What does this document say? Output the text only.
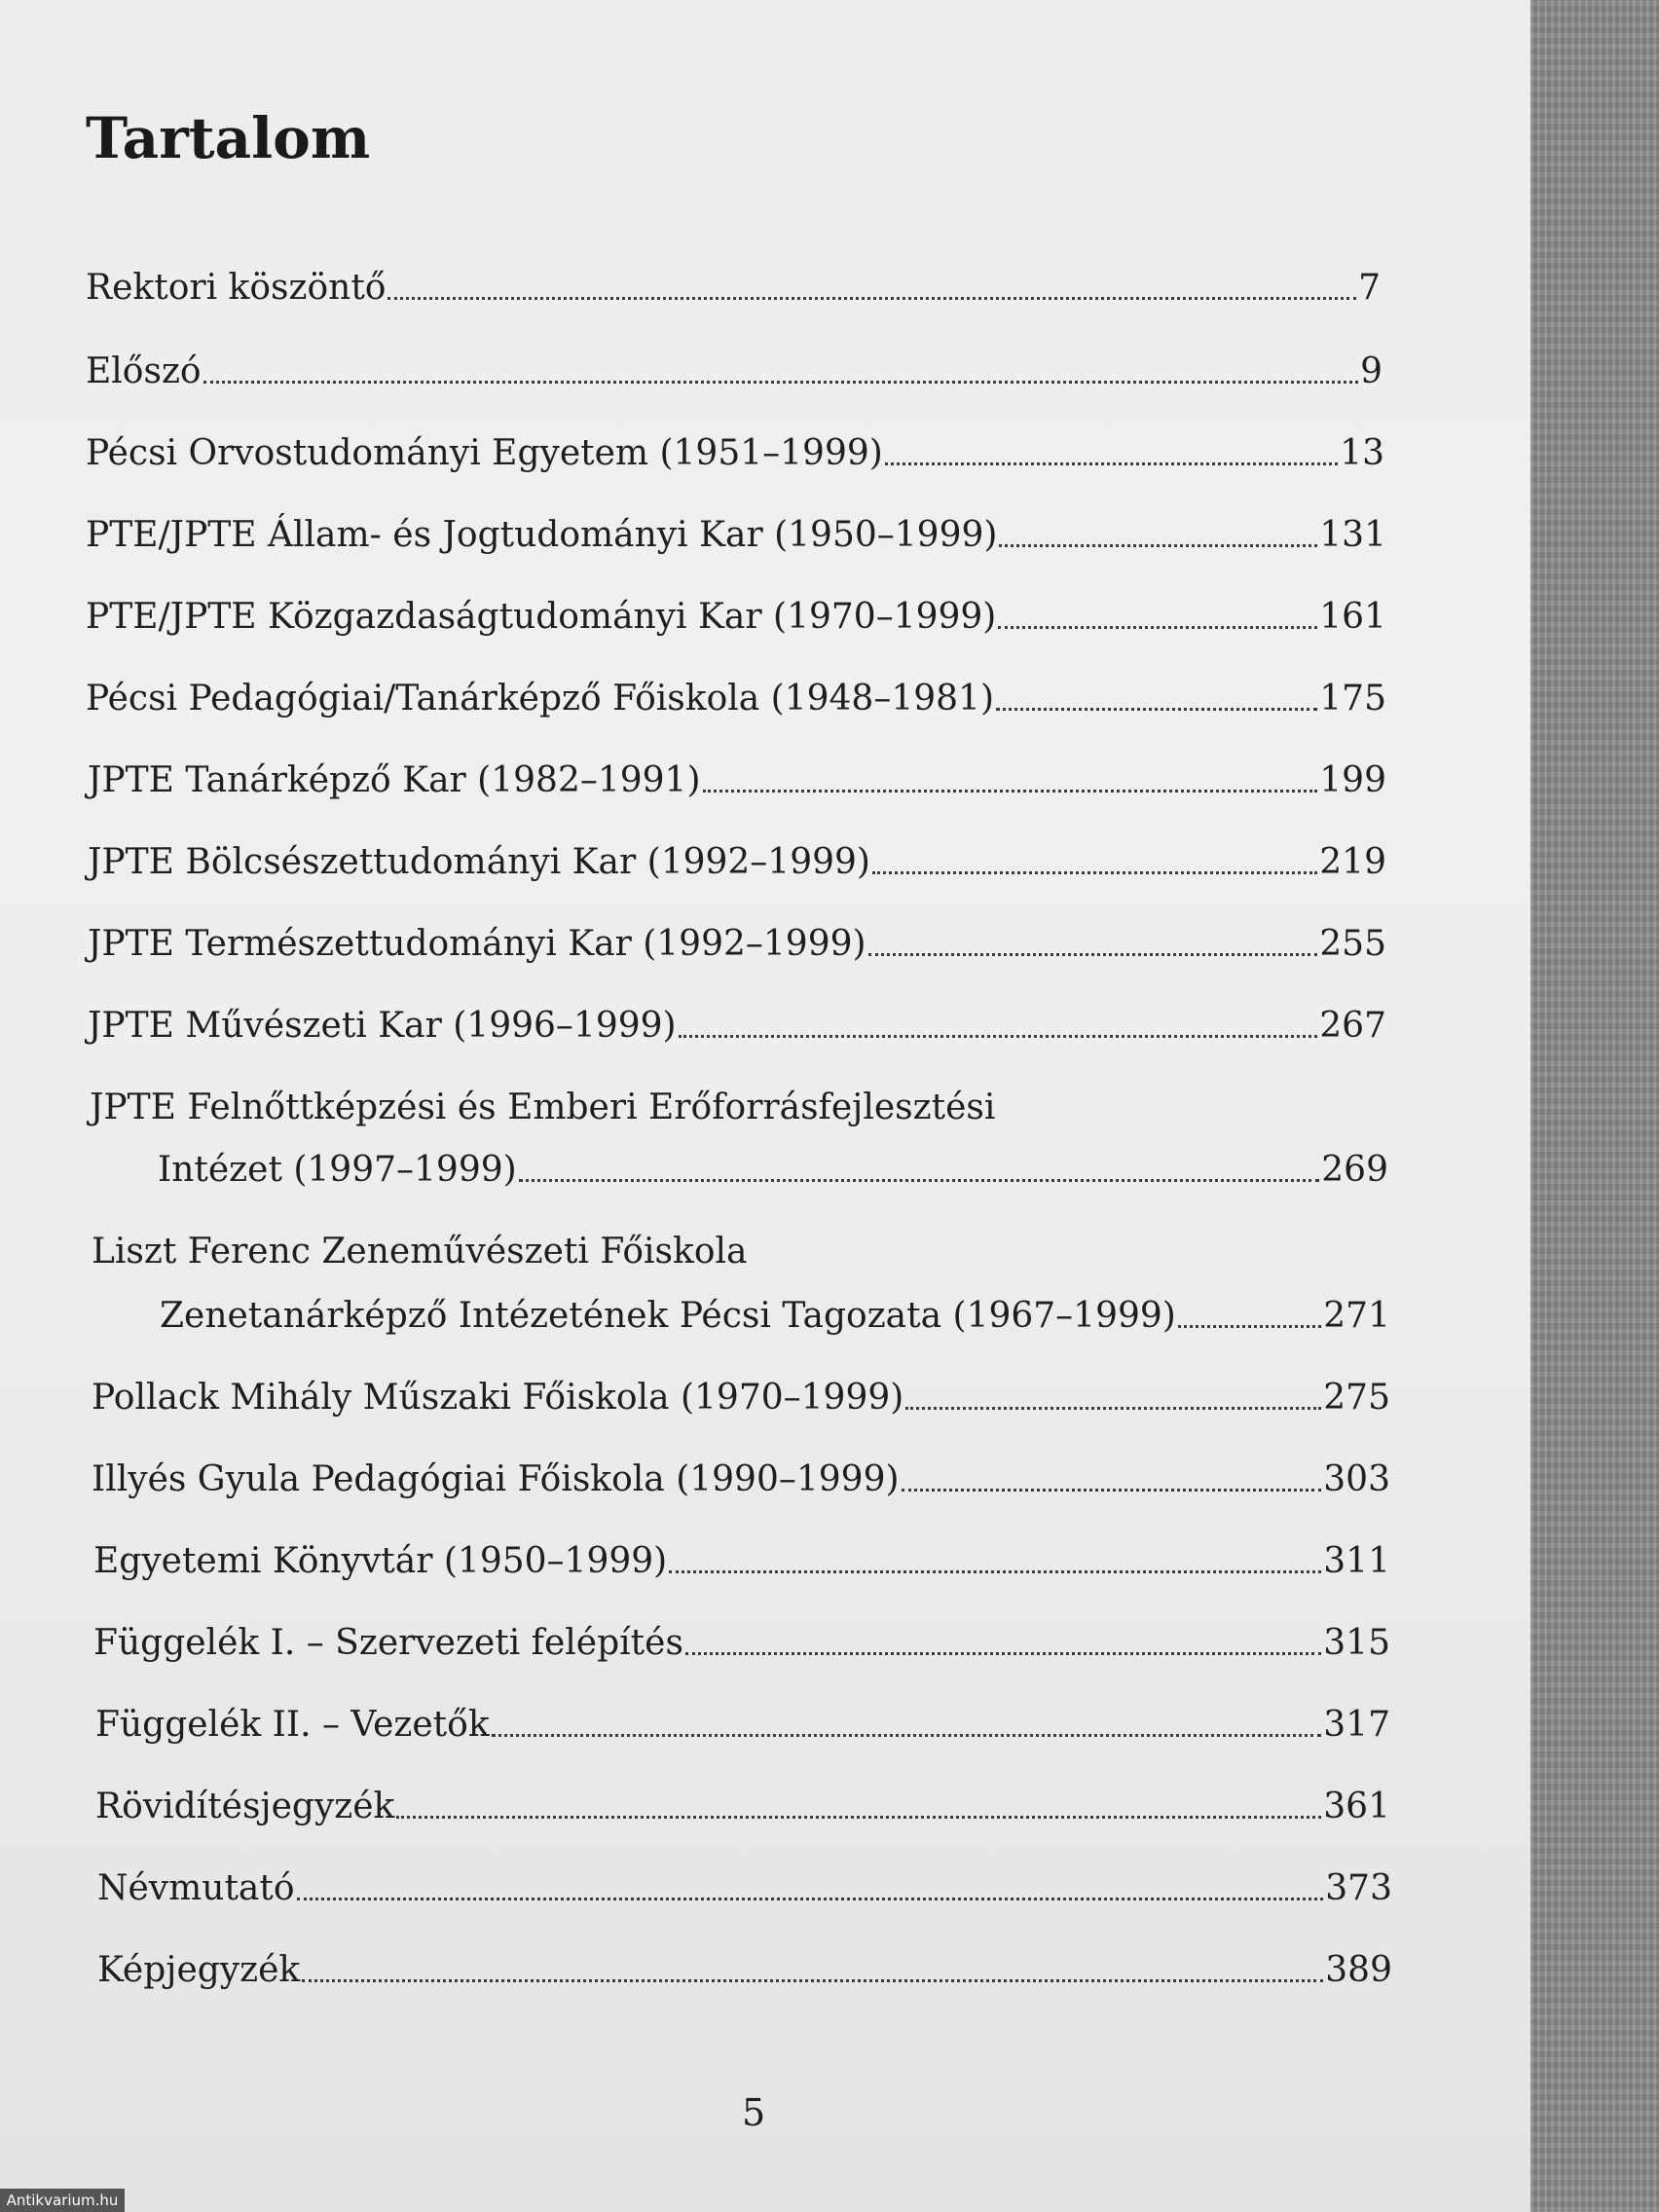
Tartalom
Rektori köszöntő	7
Előszó	9
Pécsi Orvostudományi Egyetem (1951–1999)	13
PTE/JPTE Állam- és Jogtudományi Kar (1950–1999)	131
PTE/JPTE Közgazdaságtudományi Kar (1970–1999)	161
Pécsi Pedagógiai/Tanárképző Főiskola (1948–1981)	175
JPTE Tanárképző Kar (1982–1991)	199
JPTE Bölcsészettudományi Kar (1992–1999)	219
JPTE Természettudományi Kar (1992–1999)	255
JPTE Művészeti Kar (1996–1999)	267
JPTE Felnőttképzési és Emberi Erőforrásfejlesztési
Intézet (1997–1999)	269
Liszt Ferenc Zeneművészeti Főiskola
Zenetanárképző Intézetének Pécsi Tagozata (1967–1999)	271
Pollack Mihály Műszaki Főiskola (1970–1999)	275
Illyés Gyula Pedagógiai Főiskola (1990–1999)	303
Egyetemi Könyvtár (1950–1999)	311
Függelék I. – Szervezeti felépítés	315
Függelék II. – Vezetők	317
Rövidítésjegyzék	361
Névmutató	373
Képjegyzék	389
5
Antikvarium.hu
